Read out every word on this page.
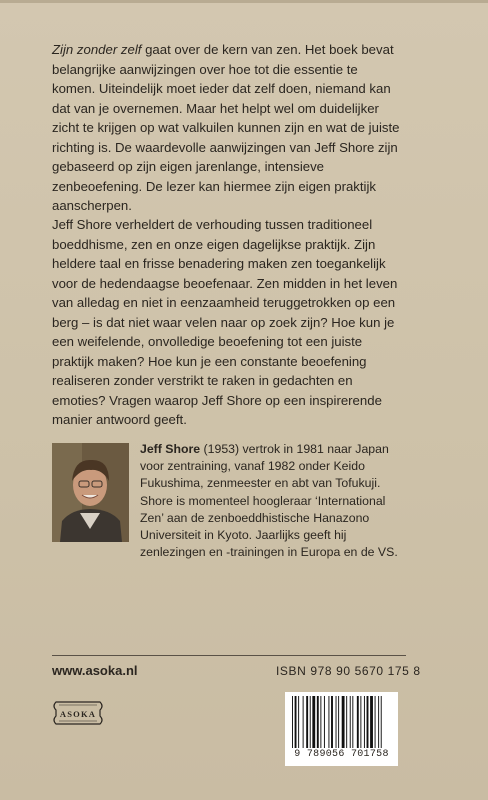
Zijn zonder zelf gaat over de kern van zen. Het boek bevat belangrijke aanwijzingen over hoe tot die essentie te komen. Uiteindelijk moet ieder dat zelf doen, niemand kan dat van je overnemen. Maar het helpt wel om duidelijker zicht te krijgen op wat valkuilen kunnen zijn en wat de juiste richting is. De waardevolle aanwijzingen van Jeff Shore zijn gebaseerd op zijn eigen jarenlange, intensieve zenbeoefening. De lezer kan hiermee zijn eigen praktijk aanscherpen.

Jeff Shore verheldert de verhouding tussen traditioneel boeddhisme, zen en onze eigen dagelijkse praktijk. Zijn heldere taal en frisse benadering maken zen toegankelijk voor de hedendaagse beoefenaar. Zen midden in het leven van alledag en niet in eenzaamheid teruggetrokken op een berg – is dat niet waar velen naar op zoek zijn? Hoe kun je een weifelende, onvolledige beoefening tot een juiste praktijk maken? Hoe kun je een constante beoefening realiseren zonder verstrikt te raken in gedachten en emoties? Vragen waarop Jeff Shore op een inspirerende manier antwoord geeft.

Jeff Shore (1953) vertrok in 1981 naar Japan voor zentraining, vanaf 1982 onder Keido Fukushima, zenmeester en abt van Tofukuji. Shore is momenteel hoogleraar ‘International Zen’ aan de zenboeddhistische Hanazono Universiteit in Kyoto. Jaarlijks geeft hij zenlezingen en -trainingen in Europa en de VS.

www.asoka.nl	ISBN 978 90 5670 175 8
ASOKA
9 789056 701758
